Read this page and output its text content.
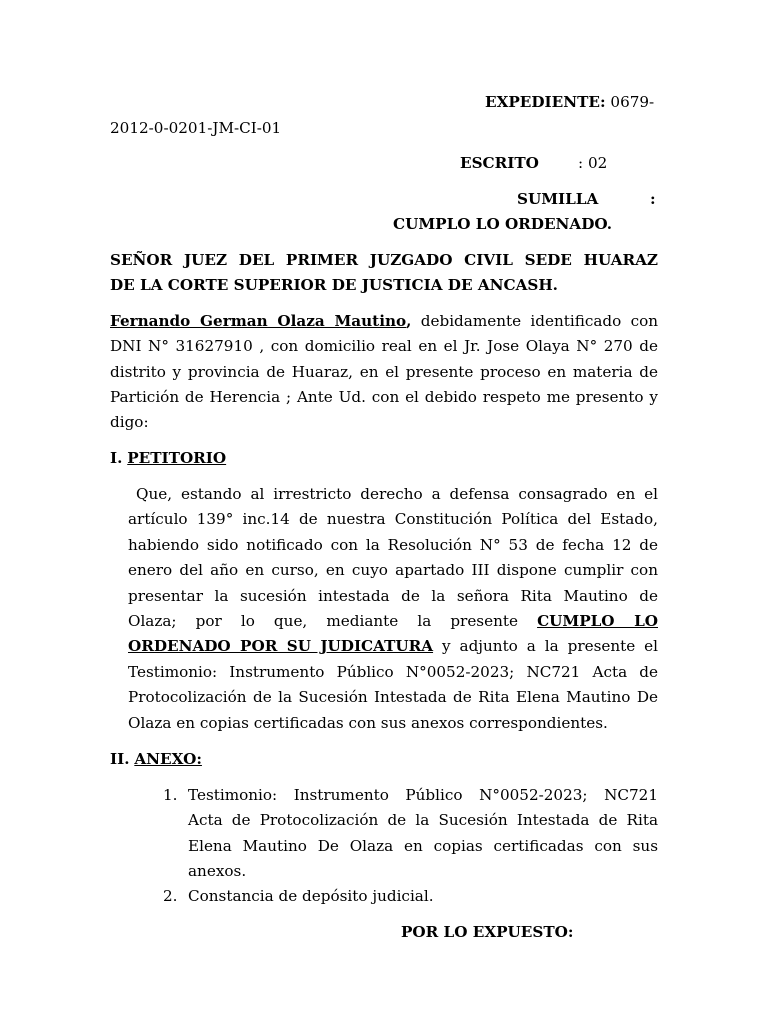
EXPEDIENTE: 0679-
2012-0-0201-JM-CI-01
ESCRITO	: 02
SUMILLA	:
CUMPLO LO ORDENADO.
SEÑOR JUEZ DEL PRIMER JUZGADO CIVIL SEDE HUARAZ
DE LA CORTE SUPERIOR DE JUSTICIA DE ANCASH.
Fernando German Olaza Mautino, debidamente identificado con
DNI N° 31627910 , con domicilio real en el Jr. Jose Olaya N° 270 de
distrito y provincia de Huaraz, en el presente proceso en materia de
Partición de Herencia ; Ante Ud. con el debido respeto me presento y
digo:
I. PETITORIO
Que, estando al irrestricto derecho a defensa consagrado en el
artículo 139° inc.14 de nuestra Constitución Política del Estado,
habiendo sido notificado con la Resolución N° 53 de fecha 12 de
enero del año en curso, en cuyo apartado III dispone cumplir con
presentar la sucesión intestada de la señora Rita Mautino de
Olaza; por lo que, mediante la presente CUMPLO LO
ORDENADO POR SU JUDICATURA y adjunto a la presente el
Testimonio: Instrumento Público N°0052-2023; NC721 Acta de
Protocolización de la Sucesión Intestada de Rita Elena Mautino De
Olaza en copias certificadas con sus anexos correspondientes.
II. ANEXO:
1. Testimonio: Instrumento Público N°0052-2023; NC721
Acta de Protocolización de la Sucesión Intestada de Rita
Elena Mautino De Olaza en copias certificadas con sus
anexos.
2. Constancia de depósito judicial.
POR LO EXPUESTO:
